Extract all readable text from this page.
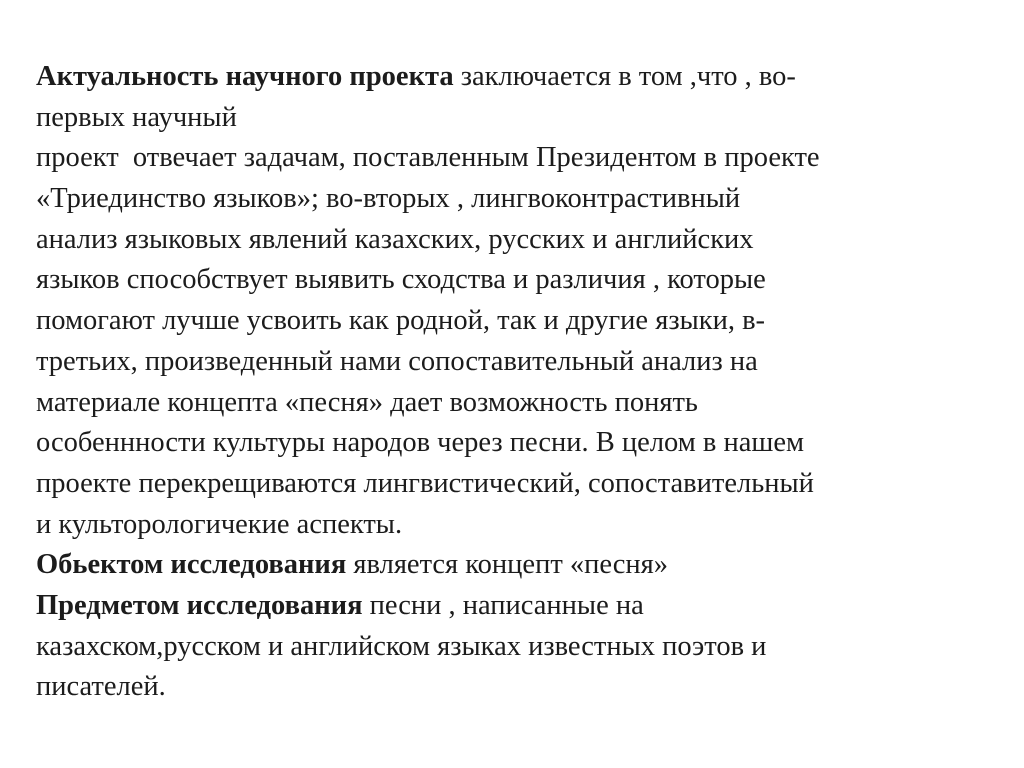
Актуальность научного проекта заключается в том ,что , во-
первых научный
проект  отвечает задачам, поставленным Президентом в проекте
«Триединство языков»; во-вторых , лингвоконтрастивный
анализ языковых явлений казахских, русских и английских
языков способствует выявить сходства и различия , которые
помогают лучше усвоить как родной, так и другие языки, в-
третьих, произведенный нами сопоставительный анализ на
материале концепта «песня» дает возможность понять
особеннности культуры народов через песни. В целом в нашем
проекте перекрещиваются лингвистический, сопоставительный
и культорологичекие аспекты.
Обьектом исследования является концепт «песня»
Предметом исследования песни , написанные на
казахском,русском и английском языках известных поэтов и
писателей.
